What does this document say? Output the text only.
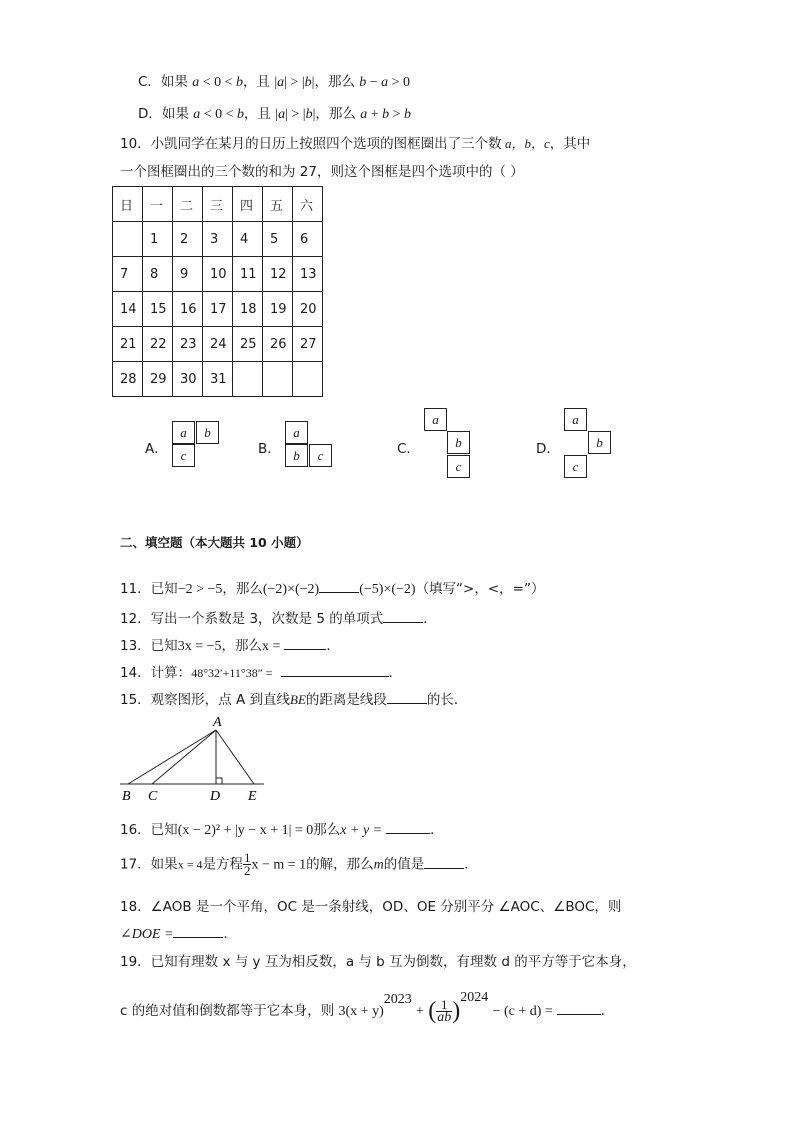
C．如果 a < 0 < b，且 |a| > |b|，那么 b − a > 0
D．如果 a < 0 < b，且 |a| > |b|，那么 a + b > b
10．小凯同学在某月的日历上按照四个选项的图框圈出了三个数 a，b，c，其中
一个图框圈出的三个数的和为 27，则这个图框是四个选项中的（ ）
日	一	二	三	四	五	六
	1	2	3	4	5	6
7	8	9	10	11	12	13
14	15	16	17	18	19	20
21	22	23	24	25	26	27
28	29	30	31			
A．
a	b
c	B．
a
b	c	C．
a
b
c
D．
a
b
c
二、填空题（本大题共 10 小题）
11．已知−2 > −5，那么(−2)×(−2)	(−5)×(−2)（填写“>，<，=”）
12．写出一个系数是 3，次数是 5 的单项式	．
13．已知3x = −5，那么x =	．
14．计算：48°32′+11°38″ =	．
15．观察图形，点 A 到直线BE的距离是线段	的长．
A
B C	D E
16．已知(x − 2)² + |y − x + 1| = 0那么x + y =	．
17．如果x = 4是方程 $\frac{1}{2}$ x − m = 1的解，那么m的值是	．
18．∠AOB 是一个平角，OC 是一条射线，OD、OE 分别平分 ∠AOC、∠BOC，则
∠DOE =	．
19．已知有理数 x 与 y 互为相反数，a 与 b 互为倒数，有理数 d 的平方等于它本身，
c 的绝对值和倒数都等于它本身，则 $3(x + y)^{2023}$ + ( $\frac{1}{ab} )^{2024} - (c + d)$ =	．
